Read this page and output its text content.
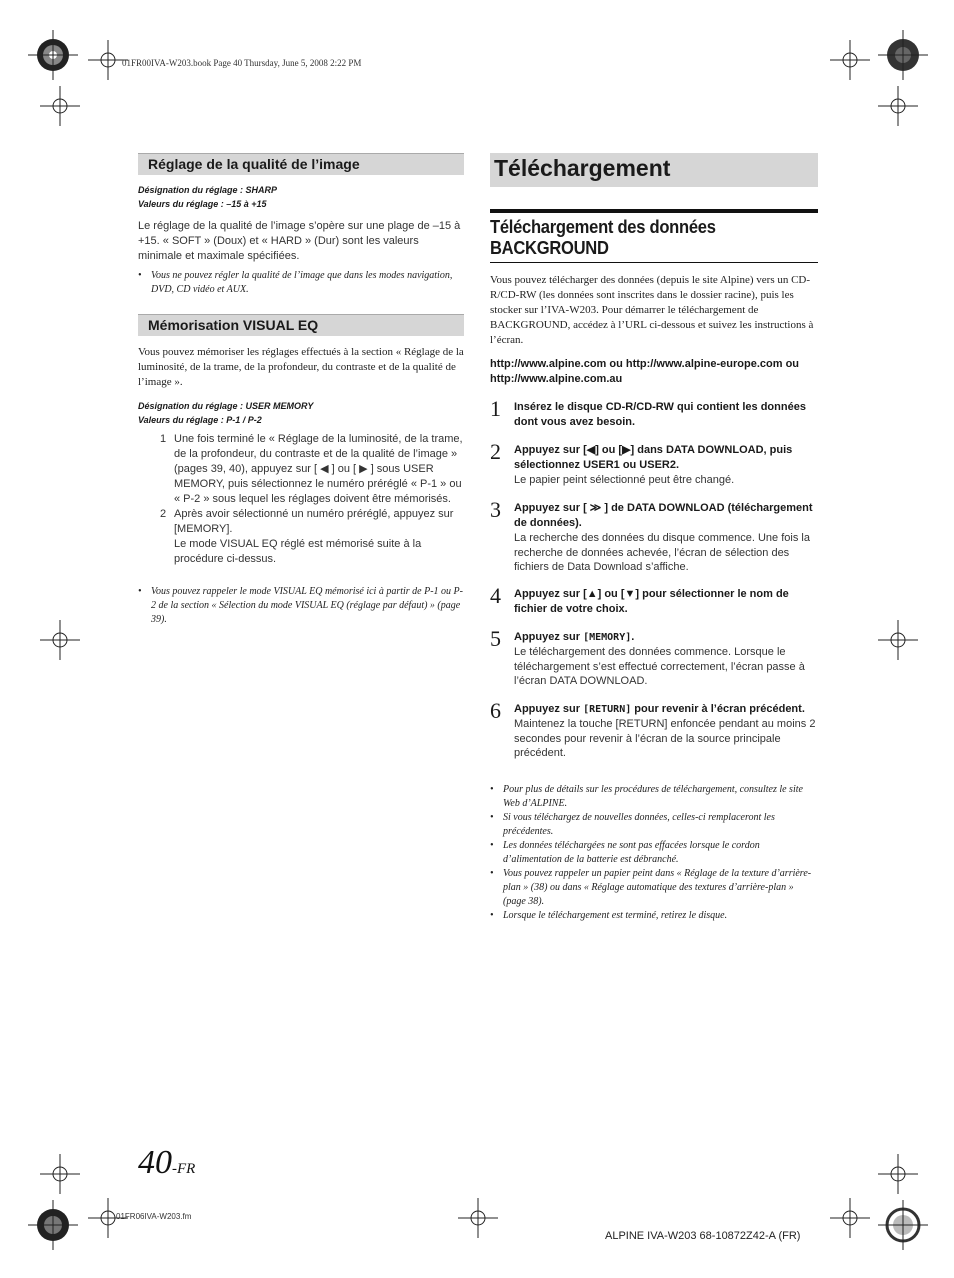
01FR00IVA-W203.book Page 40 Thursday, June 5, 2008 2:22 PM
Réglage de la qualité de l’image
Désignation du réglage : SHARP
Valeurs du réglage : –15 à +15
Le réglage de la qualité de l’image s’opère sur une plage de –15 à +15. « SOFT » (Doux) et « HARD » (Dur) sont les valeurs minimale et maximale spécifiées.
• Vous ne pouvez régler la qualité de l’image que dans les modes navigation, DVD, CD vidéo et AUX.
Mémorisation VISUAL EQ
Vous pouvez mémoriser les réglages effectués à la section « Réglage de la luminosité, de la trame, de la profondeur, du contraste et de la qualité de l’image ».
Désignation du réglage : USER MEMORY
Valeurs du réglage : P-1 / P-2
1 Une fois terminé le « Réglage de la luminosité, de la trame, de la profondeur, du contraste et de la qualité de l’image » (pages 39, 40), appuyez sur [ ◀ ] ou [ ▶ ] sous USER MEMORY, puis sélectionnez le numéro préréglé « P-1 » ou « P-2 » sous lequel les réglages doivent être mémorisés.
2 Après avoir sélectionné un numéro préréglé, appuyez sur [MEMORY].
Le mode VISUAL EQ réglé est mémorisé suite à la procédure ci-dessus.
• Vous pouvez rappeler le mode VISUAL EQ mémorisé ici à partir de P-1 ou P-2 de la section « Sélection du mode VISUAL EQ (réglage par défaut) » (page 39).
Téléchargement
Téléchargement des données
BACKGROUND
Vous pouvez télécharger des données (depuis le site Alpine) vers un CD-R/CD-RW (les données sont inscrites dans le dossier racine), puis les stocker sur l’IVA-W203. Pour démarrer le téléchargement de BACKGROUND, accédez à l’URL ci-dessous et suivez les instructions à l’écran.
http://www.alpine.com ou http://www.alpine-europe.com ou http://www.alpine.com.au
1 Insérez le disque CD-R/CD-RW qui contient les données dont vous avez besoin.
2 Appuyez sur [◀] ou [▶] dans DATA DOWNLOAD, puis sélectionnez USER1 ou USER2.
Le papier peint sélectionné peut être changé.
3 Appuyez sur [ ≫ ] de DATA DOWNLOAD (téléchargement de données).
La recherche des données du disque commence. Une fois la recherche de données achevée, l’écran de sélection des fichiers de Data Download s’affiche.
4 Appuyez sur [▲] ou [▼] pour sélectionner le nom de fichier de votre choix.
5 Appuyez sur [MEMORY].
Le téléchargement des données commence. Lorsque le téléchargement s’est effectué correctement, l’écran passe à l’écran DATA DOWNLOAD.
6 Appuyez sur [RETURN] pour revenir à l’écran précédent.
Maintenez la touche [RETURN] enfoncée pendant au moins 2 secondes pour revenir à l’écran de la source principale précédent.
• Pour plus de détails sur les procédures de téléchargement, consultez le site Web d’ALPINE.
• Si vous téléchargez de nouvelles données, celles-ci remplaceront les précédentes.
• Les données téléchargées ne sont pas effacées lorsque le cordon d’alimentation de la batterie est débranché.
• Vous pouvez rappeler un papier peint dans « Réglage de la texture d’arrière-plan » (38) ou dans « Réglage automatique des textures d’arrière-plan » (page 38).
• Lorsque le téléchargement est terminé, retirez le disque.
40-FR
01FR06IVA-W203.fm
ALPINE IVA-W203 68-10872Z42-A (FR)
